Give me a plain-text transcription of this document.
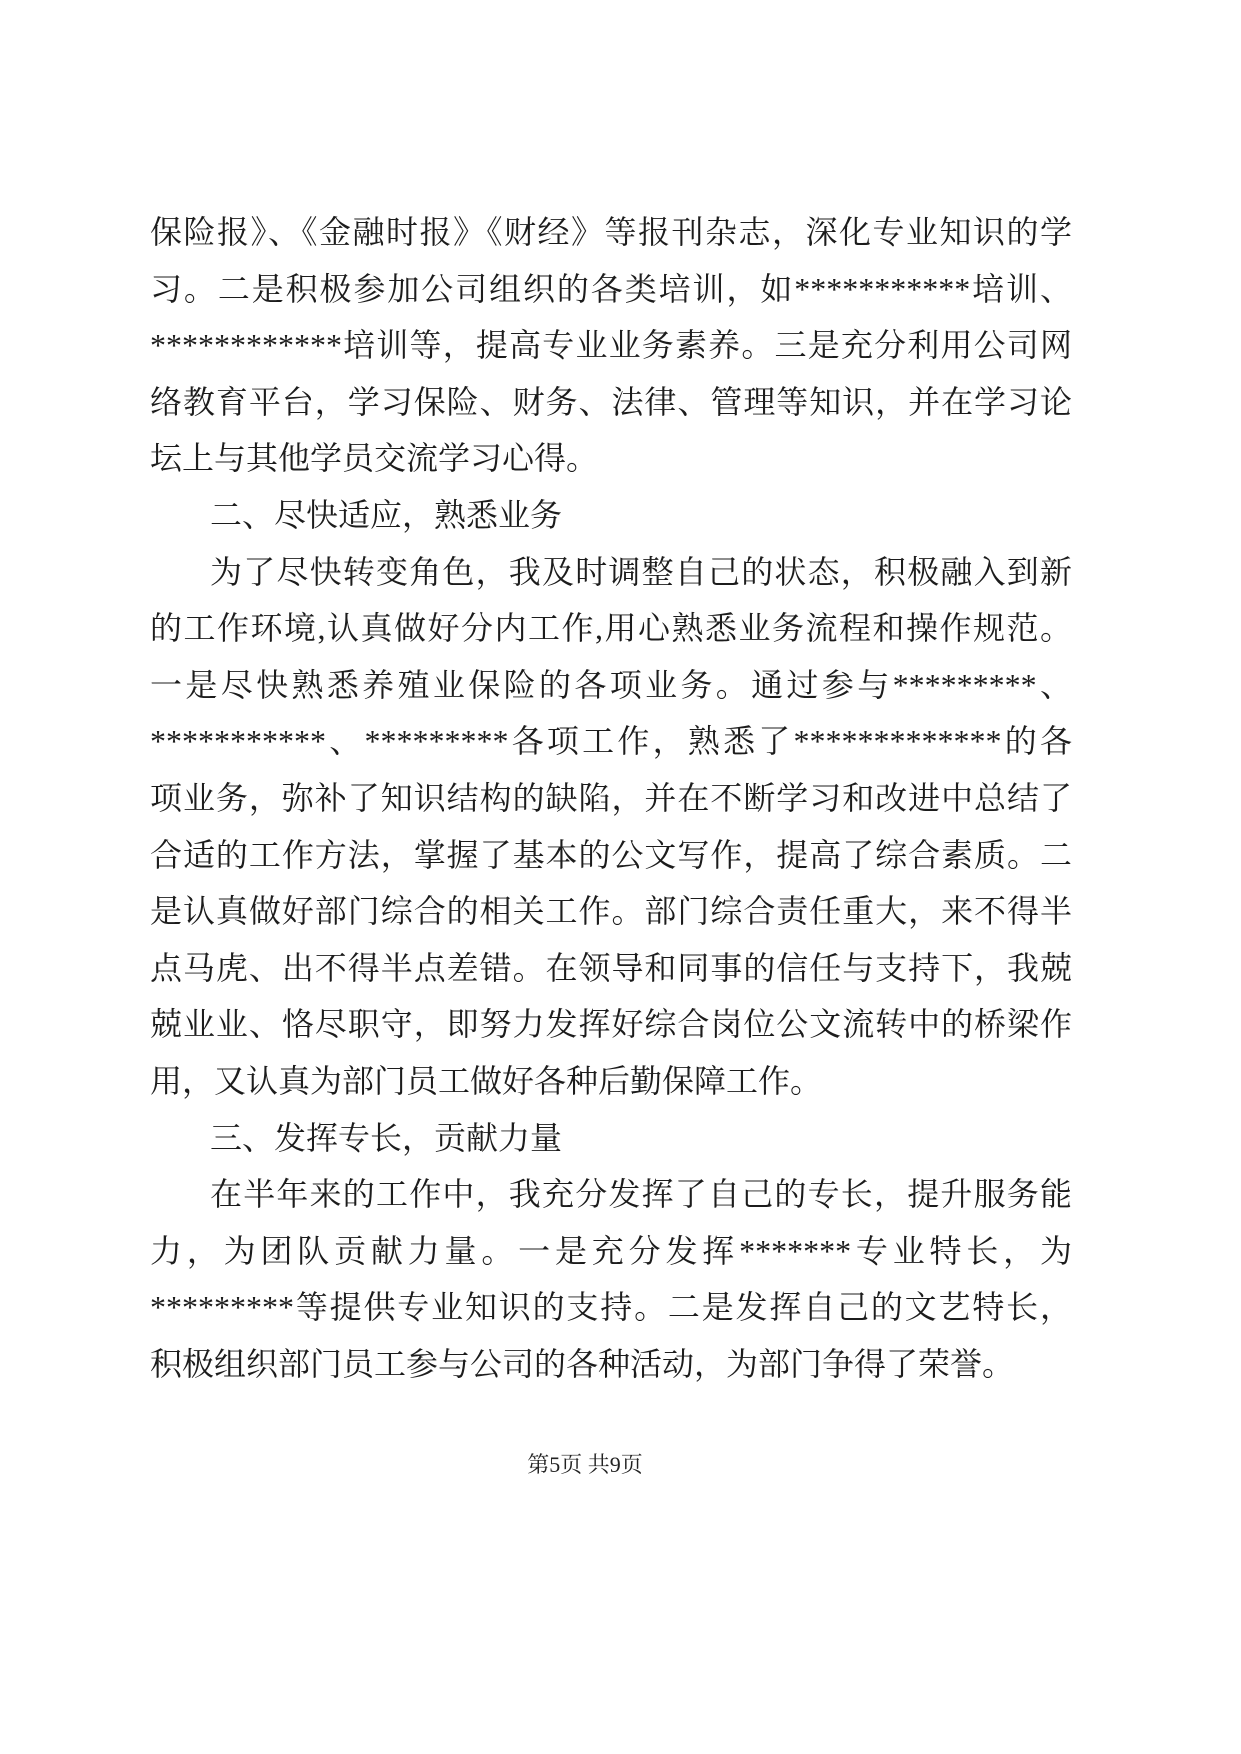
保险报》、《金融时报》《财经》等报刊杂志，深化专业知识的学
习。二是积极参加公司组织的各类培训，如***********培训、
************培训等，提高专业业务素养。三是充分利用公司网
络教育平台，学习保险、财务、法律、管理等知识，并在学习论
坛上与其他学员交流学习心得。
二、尽快适应，熟悉业务
为了尽快转变角色，我及时调整自己的状态，积极融入到新
的工作环境,认真做好分内工作,用心熟悉业务流程和操作规范。
一是尽快熟悉养殖业保险的各项业务。通过参与*********、
***********、*********各项工作，熟悉了*************的各
项业务，弥补了知识结构的缺陷，并在不断学习和改进中总结了
合适的工作方法，掌握了基本的公文写作，提高了综合素质。二
是认真做好部门综合的相关工作。部门综合责任重大，来不得半
点马虎、出不得半点差错。在领导和同事的信任与支持下，我兢
兢业业、恪尽职守，即努力发挥好综合岗位公文流转中的桥梁作
用，又认真为部门员工做好各种后勤保障工作。
三、发挥专长，贡献力量
在半年来的工作中，我充分发挥了自己的专长，提升服务能
力，为团队贡献力量。一是充分发挥*******专业特长，为
*********等提供专业知识的支持。二是发挥自己的文艺特长，
积极组织部门员工参与公司的各种活动，为部门争得了荣誉。
第5页 共9页
